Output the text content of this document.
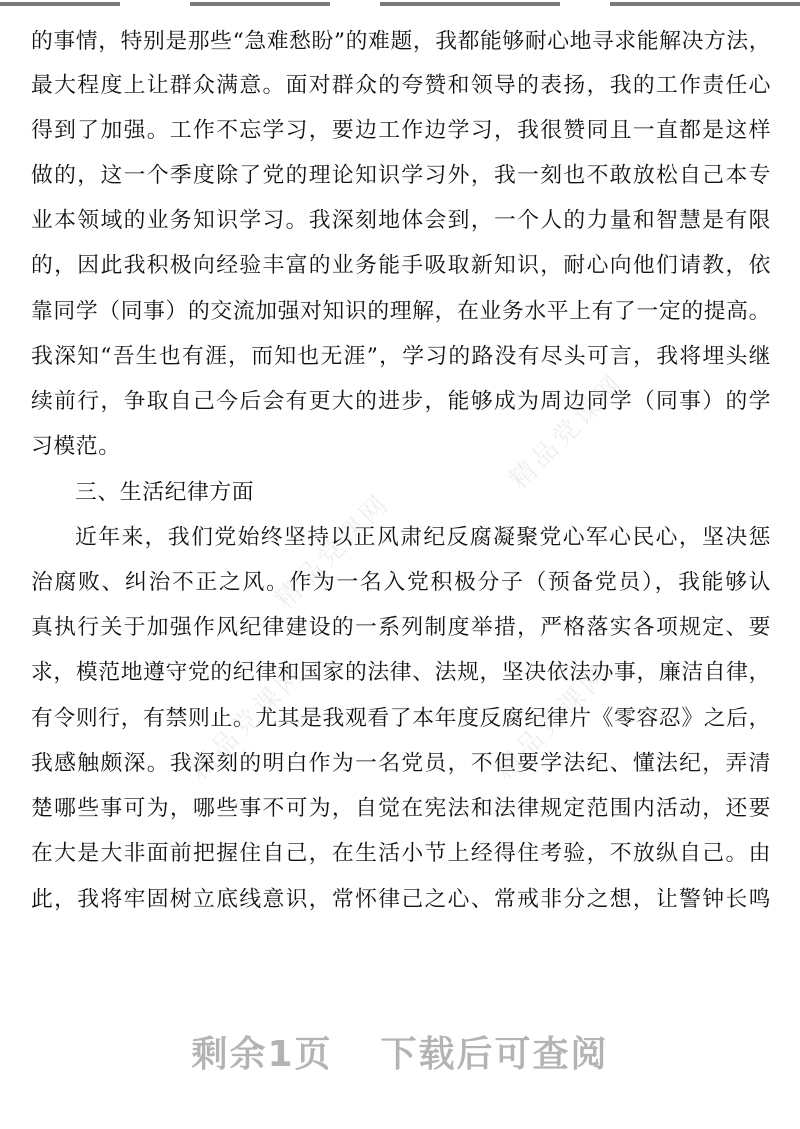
的事情，特别是那些“急难愁盼”的难题，我都能够耐心地寻求能解决方法，
最大程度上让群众满意。面对群众的夸赞和领导的表扬，我的工作责任心
得到了加强。工作不忘学习，要边工作边学习，我很赞同且一直都是这样
做的，这一个季度除了党的理论知识学习外，我一刻也不敢放松自己本专
业本领域的业务知识学习。我深刻地体会到，一个人的力量和智慧是有限
的，因此我积极向经验丰富的业务能手吸取新知识，耐心向他们请教，依
靠同学（同事）的交流加强对知识的理解，在业务水平上有了一定的提高。
我深知“吾生也有涯，而知也无涯”，学习的路没有尽头可言，我将埋头继
续前行，争取自己今后会有更大的进步，能够成为周边同学（同事）的学
习模范。
三、生活纪律方面
近年来，我们党始终坚持以正风肃纪反腐凝聚党心军心民心，坚决惩
治腐败、纠治不正之风。作为一名入党积极分子（预备党员），我能够认
真执行关于加强作风纪律建设的一系列制度举措，严格落实各项规定、要
求，模范地遵守党的纪律和国家的法律、法规，坚决依法办事，廉洁自律，
有令则行，有禁则止。尤其是我观看了本年度反腐纪律片《零容忍》之后，
我感触颇深。我深刻的明白作为一名党员，不但要学法纪、懂法纪，弄清
楚哪些事可为，哪些事不可为，自觉在宪法和法律规定范围内活动，还要
在大是大非面前把握住自己，在生活小节上经得住考验，不放纵自己。由
此，我将牢固树立底线意识，常怀律己之心、常戒非分之想，让警钟长鸣
精品党课网
精品党课网
精品党课网	精品党课网
剩余1页 下载后可查阅
